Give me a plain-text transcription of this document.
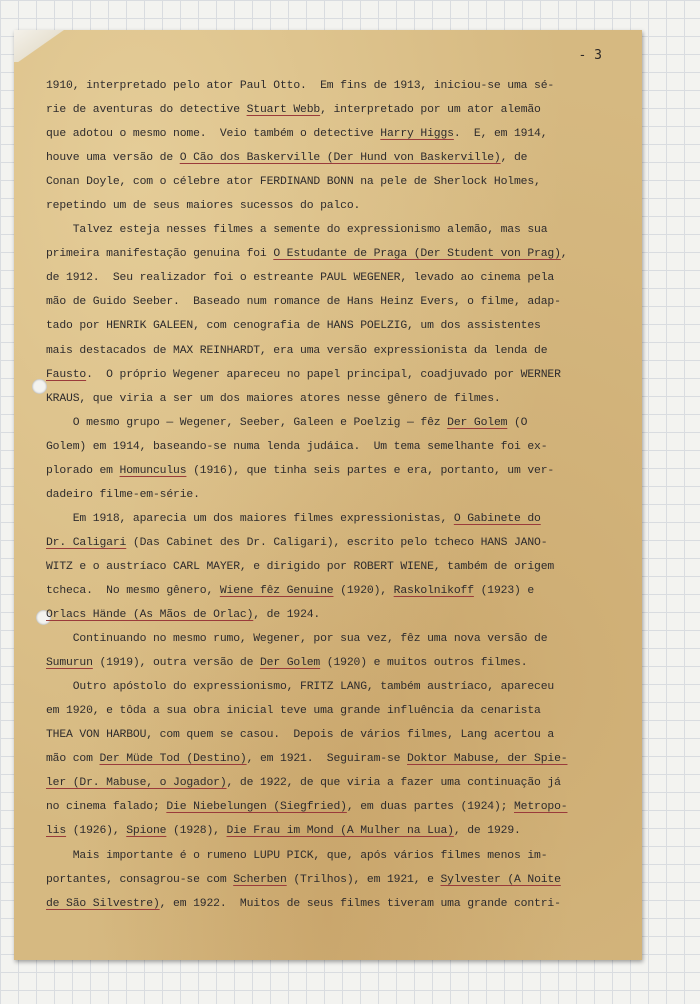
- 3
1910, interpretado pelo ator Paul Otto.  Em fins de 1913, iniciou-se uma sé-
rie de aventuras do detective Stuart Webb, interpretado por um ator alemão
que adotou o mesmo nome.  Veio também o detective Harry Higgs.  E, em 1914,
houve uma versão de O Cão dos Baskerville (Der Hund von Baskerville), de
Conan Doyle, com o célebre ator FERDINAND BONN na pele de Sherlock Holmes,
repetindo um de seus maiores sucessos do palco.
Talvez esteja nesses filmes a semente do expressionismo alemão, mas sua
primeira manifestação genuina foi O Estudante de Praga (Der Student von Prag),
de 1912.  Seu realizador foi o estreante PAUL WEGENER, levado ao cinema pela
mão de Guido Seeber.  Baseado num romance de Hans Heinz Evers, o filme, adap-
tado por HENRIK GALEEN, com cenografia de HANS POELZIG, um dos assistentes
mais destacados de MAX REINHARDT, era uma versão expressionista da lenda de
Fausto.  O próprio Wegener apareceu no papel principal, coadjuvado por WERNER
KRAUS, que viria a ser um dos maiores atores nesse gênero de filmes.
O mesmo grupo — Wegener, Seeber, Galeen e Poelzig — fêz Der Golem (O
Golem) em 1914, baseando-se numa lenda judáica.  Um tema semelhante foi ex-
plorado em Homunculus (1916), que tinha seis partes e era, portanto, um ver-
dadeiro filme-em-série.
Em 1918, aparecia um dos maiores filmes expressionistas, O Gabinete do
Dr. Caligari (Das Cabinet des Dr. Caligari), escrito pelo tcheco HANS JANO-
WITZ e o austríaco CARL MAYER, e dirigido por ROBERT WIENE, também de origem
tcheca.  No mesmo gênero, Wiene fêz Genuine (1920), Raskolnikoff (1923) e
Orlacs Hände (As Mãos de Orlac), de 1924.
Continuando no mesmo rumo, Wegener, por sua vez, fêz uma nova versão de
Sumurun (1919), outra versão de Der Golem (1920) e muitos outros filmes.
Outro apóstolo do expressionismo, FRITZ LANG, também austríaco, apareceu
em 1920, e tôda a sua obra inicial teve uma grande influência da cenarista
THEA VON HARBOU, com quem se casou.  Depois de vários filmes, Lang acertou a
mão com Der Müde Tod (Destino), em 1921.  Seguiram-se Doktor Mabuse, der Spie-
ler (Dr. Mabuse, o Jogador), de 1922, de que viria a fazer uma continuação já
no cinema falado; Die Niebelungen (Siegfried), em duas partes (1924); Metropo-
lis (1926), Spione (1928), Die Frau im Mond (A Mulher na Lua), de 1929.
Mais importante é o rumeno LUPU PICK, que, após vários filmes menos im-
portantes, consagrou-se com Scherben (Trilhos), em 1921, e Sylvester (A Noite
de São Silvestre), em 1922.  Muitos de seus filmes tiveram uma grande contri-
